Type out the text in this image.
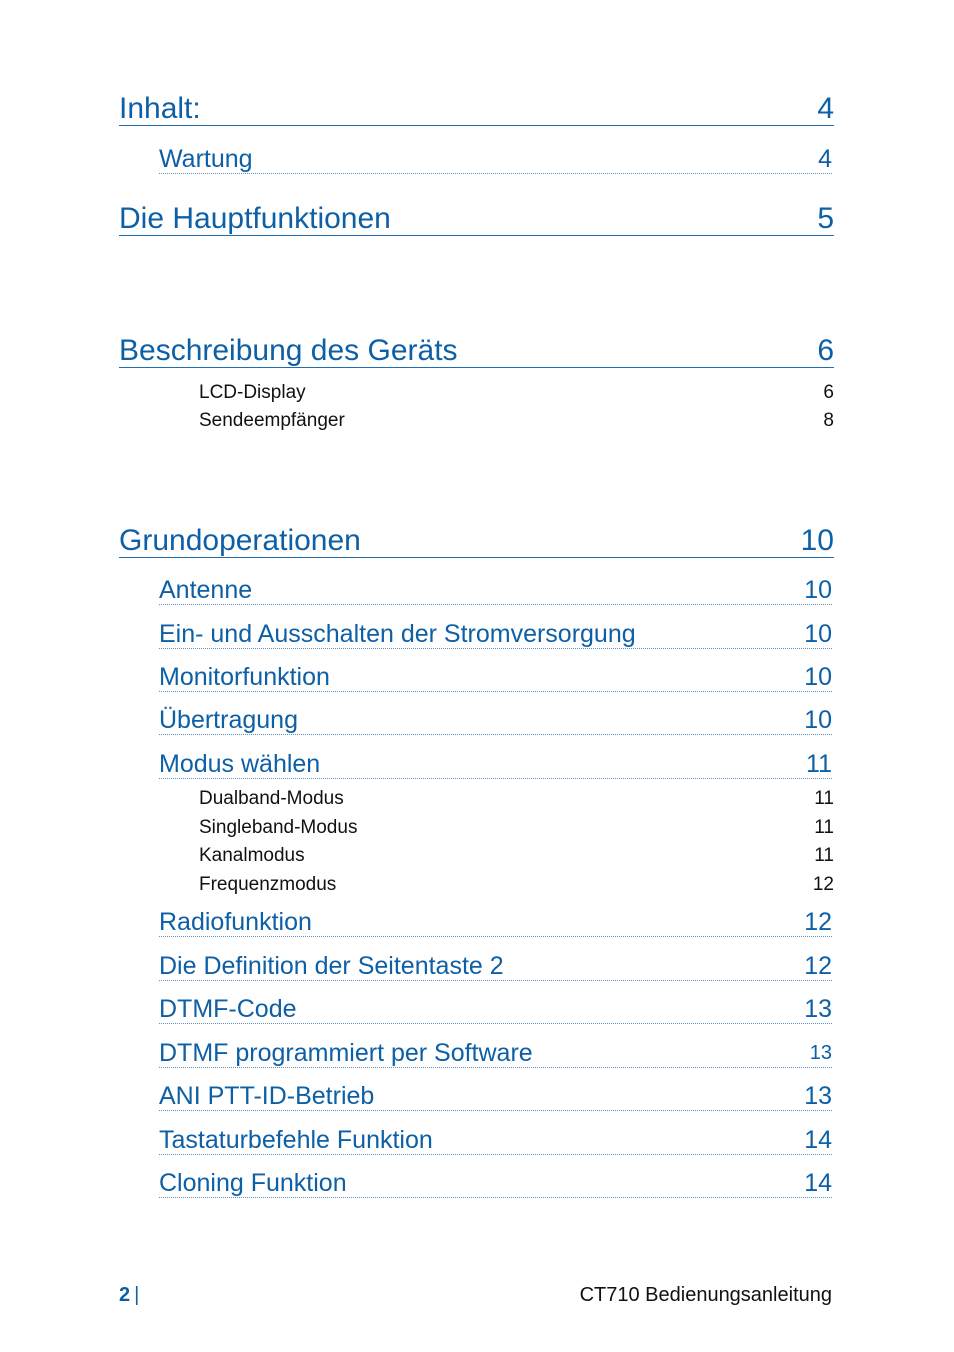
Inhalt:	4
Wartung	4
Die Hauptfunktionen	5
Beschreibung des Geräts	6
LCD-Display	6
Sendeempfänger	8
Grundoperationen	10
Antenne	10
Ein- und Ausschalten der Stromversorgung	10
Monitorfunktion	10
Übertragung	10
Modus wählen	11
Dualband-Modus	11
Singleband-Modus	11
Kanalmodus	11
Frequenzmodus	12
Radiofunktion	12
Die Definition der Seitentaste 2	12
DTMF-Code	13
DTMF programmiert per Software	13
ANI PTT-ID-Betrieb	13
Tastaturbefehle Funktion	14
Cloning Funktion	14
2 |	CT710 Bedienungsanleitung
